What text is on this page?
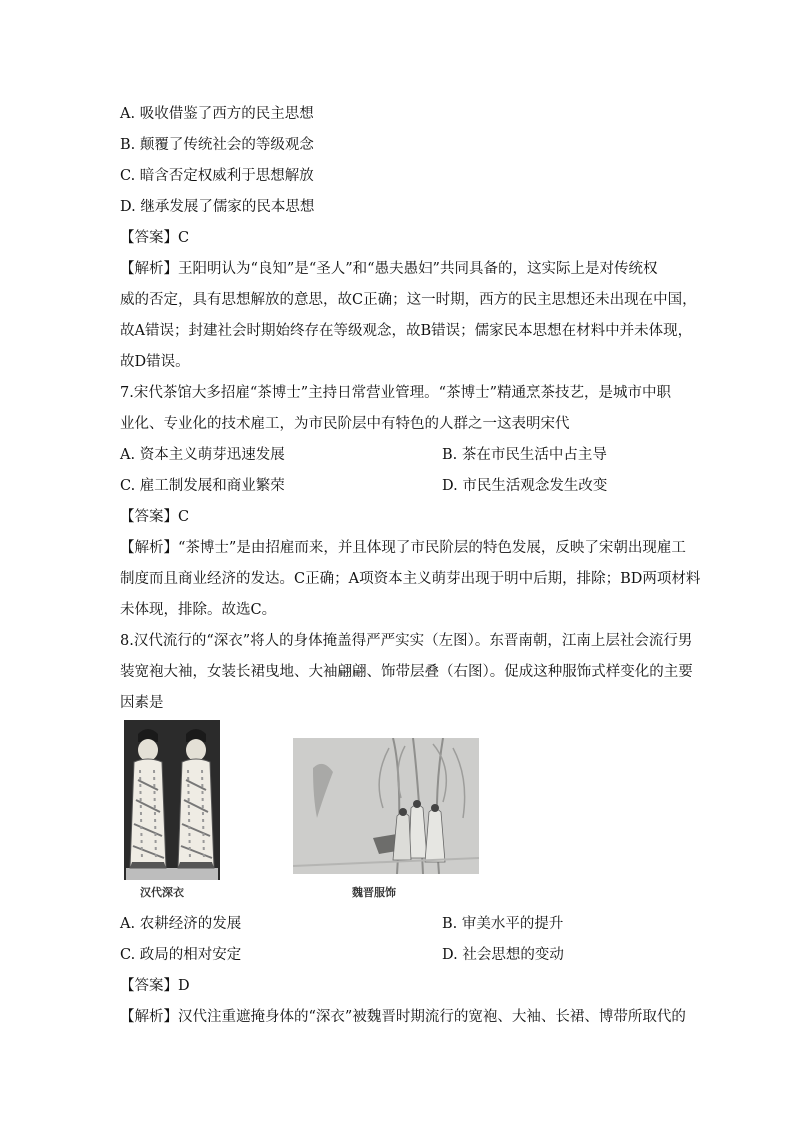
A. 吸收借鉴了西方的民主思想
B. 颠覆了传统社会的等级观念
C. 暗含否定权威利于思想解放
D. 继承发展了儒家的民本思想
【答案】C
【解析】王阳明认为“良知”是“圣人”和“愚夫愚妇”共同具备的，这实际上是对传统权
威的否定，具有思想解放的意思，故C正确；这一时期，西方的民主思想还未出现在中国，
故A错误；封建社会时期始终存在等级观念，故B错误；儒家民本思想在材料中并未体现，
故D错误。
7.宋代茶馆大多招雇“茶博士”主持日常营业管理。“茶博士”精通烹茶技艺，是城市中职
业化、专业化的技术雇工，为市民阶层中有特色的人群之一这表明宋代
A. 资本主义萌芽迅速发展	B. 茶在市民生活中占主导
C. 雇工制发展和商业繁荣	D. 市民生活观念发生改变
【答案】C
【解析】“茶博士”是由招雇而来，并且体现了市民阶层的特色发展，反映了宋朝出现雇工
制度而且商业经济的发达。C正确；A项资本主义萌芽出现于明中后期，排除；BD两项材料
未体现，排除。故选C。
8.汉代流行的“深衣”将人的身体掩盖得严严实实（左图）。东晋南朝，江南上层社会流行男
装宽袍大袖，女装长裙曳地、大袖翩翩、饰带层叠（右图）。促成这种服饰式样变化的主要
因素是
汉代深衣	魏晋服饰
A. 农耕经济的发展	B. 审美水平的提升
C. 政局的相对安定	D. 社会思想的变动
【答案】D
【解析】汉代注重遮掩身体的“深衣”被魏晋时期流行的宽袍、大袖、长裙、博带所取代的
